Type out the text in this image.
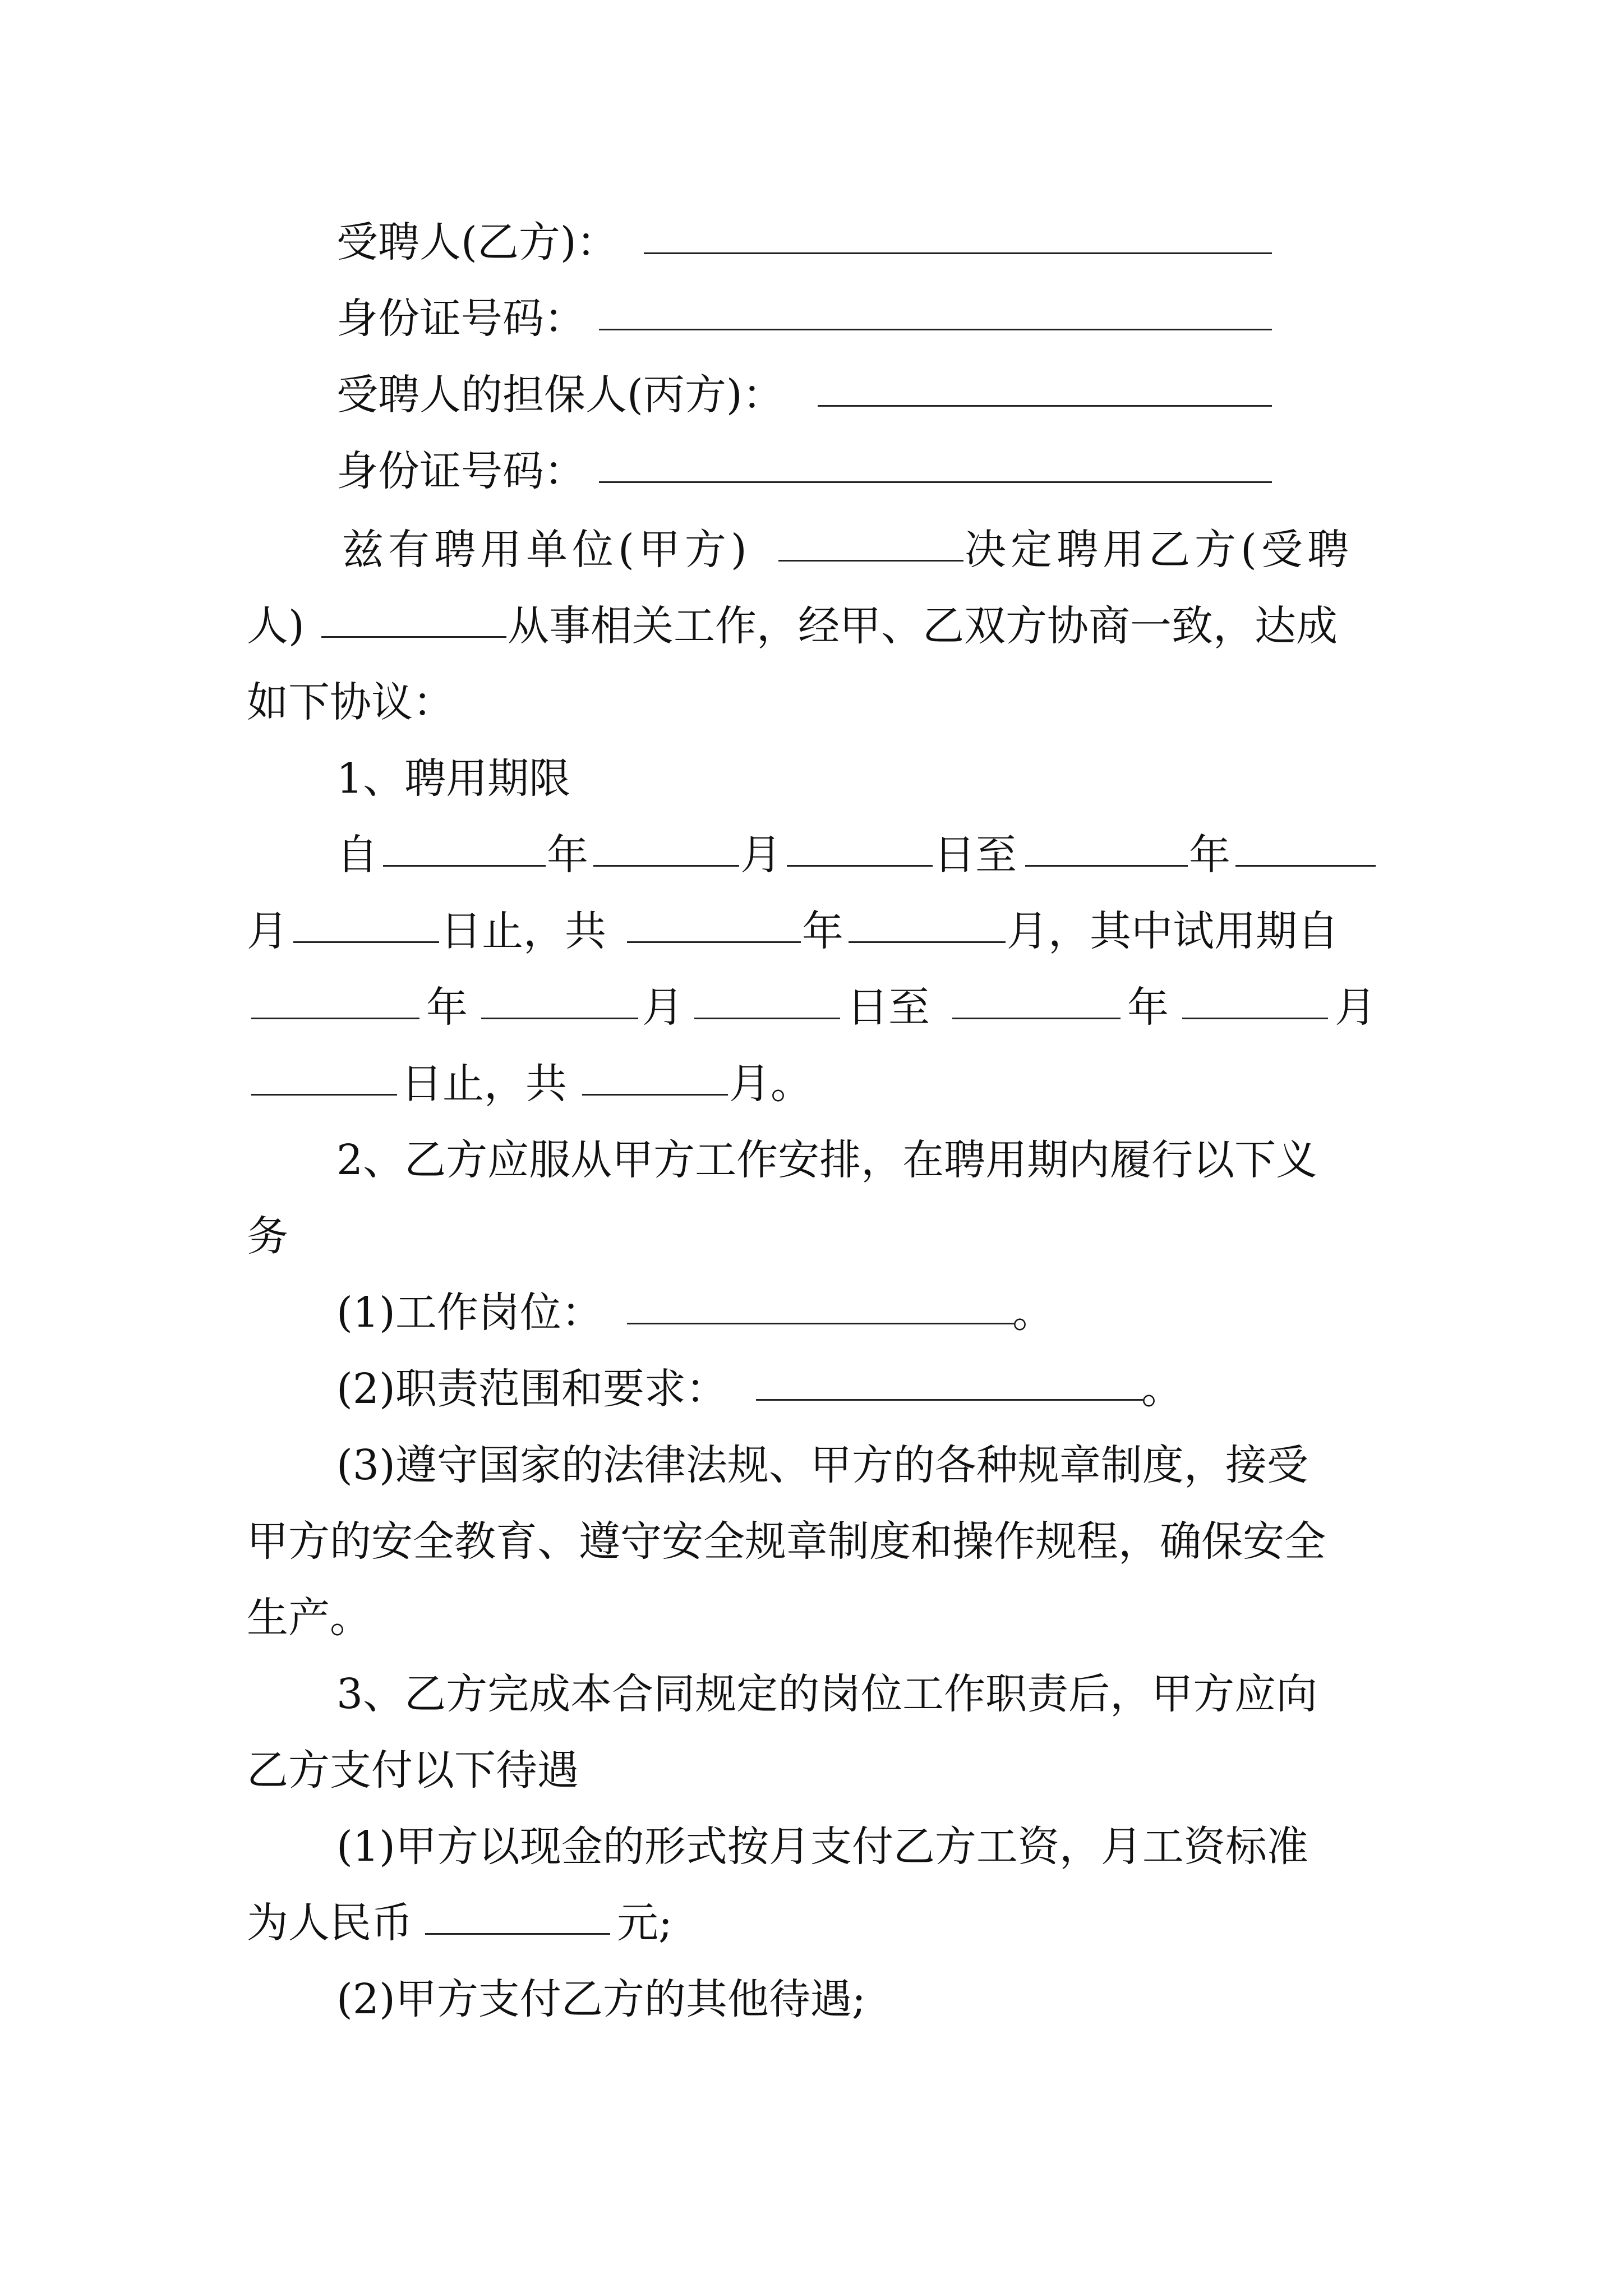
受聘人(乙方)：
身份证号码：
受聘人的担保人(丙方)：
身份证号码：
兹有聘用单位(甲方)	决定聘用乙方(受聘
人)	从事相关工作，经甲、乙双方协商一致，达成
如下协议：
1、聘用期限
自	年	月	日至	年
月	日止，共	年	月，其中试用期自
年	月	日至	年	月
日止，共	月。
2、乙方应服从甲方工作安排，在聘用期内履行以下义
务
(1)工作岗位：	。
(2)职责范围和要求：	。
(3)遵守国家的法律法规、甲方的各种规章制度，接受
甲方的安全教育、遵守安全规章制度和操作规程，确保安全
生产。
3、乙方完成本合同规定的岗位工作职责后，甲方应向
乙方支付以下待遇
(1)甲方以现金的形式按月支付乙方工资，月工资标准
为人民币	元;
(2)甲方支付乙方的其他待遇;
